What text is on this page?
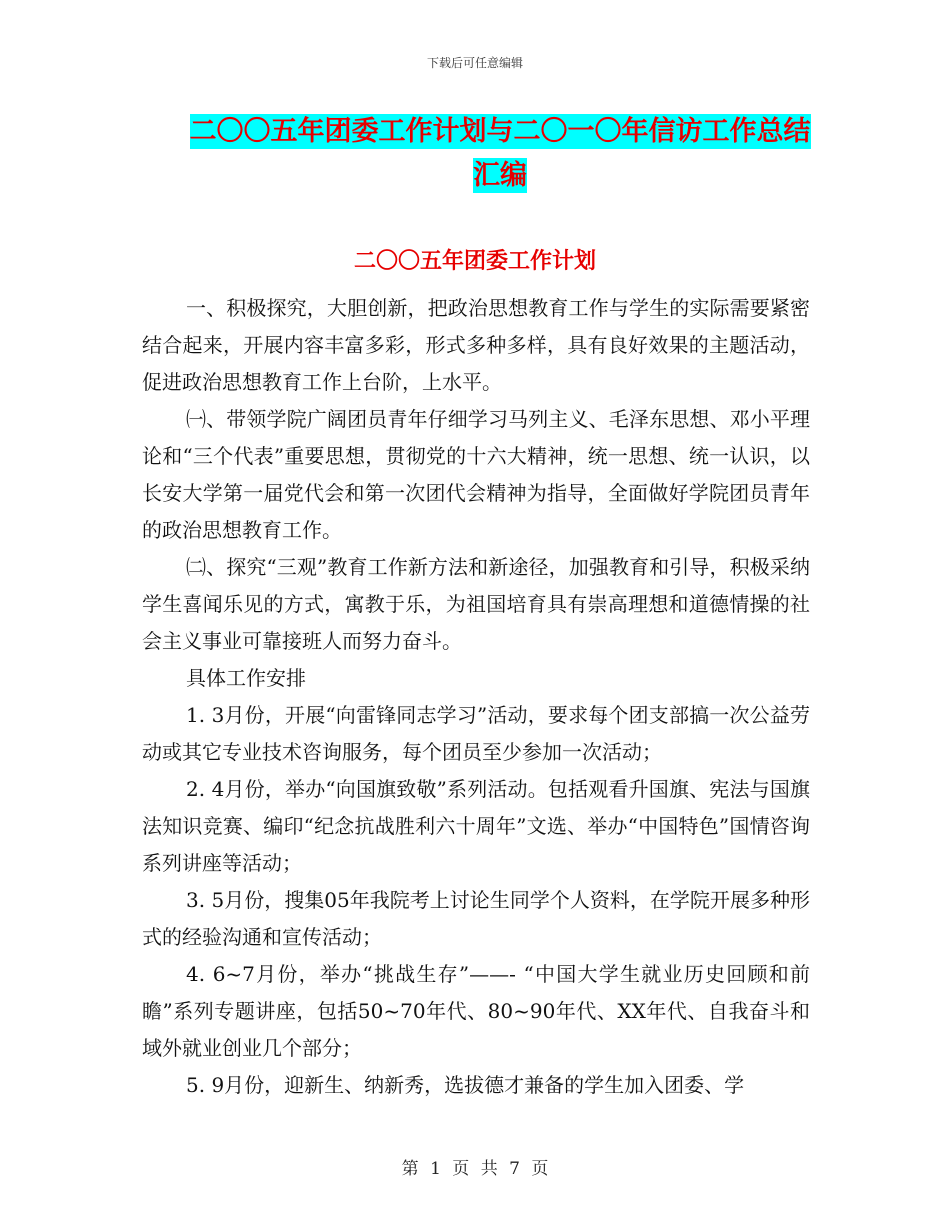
下载后可任意编辑
二〇〇五年团委工作计划与二〇一〇年信访工作总结
汇编
二〇〇五年团委工作计划

一、积极探究，大胆创新，把政治思想教育工作与学生的实际需要紧密结合起来，开展内容丰富多彩，形式多种多样，具有良好效果的主题活动，促进政治思想教育工作上台阶，上水平。

㈠、带领学院广阔团员青年仔细学习马列主义、毛泽东思想、邓小平理论和“三个代表”重要思想，贯彻党的十六大精神，统一思想、统一认识，以长安大学第一届党代会和第一次团代会精神为指导，全面做好学院团员青年的政治思想教育工作。

㈡、探究“三观”教育工作新方法和新途径，加强教育和引导，积极采纳学生喜闻乐见的方式，寓教于乐，为祖国培育具有崇高理想和道德情操的社会主义事业可靠接班人而努力奋斗。

具体工作安排

1. 3月份，开展“向雷锋同志学习”活动，要求每个团支部搞一次公益劳动或其它专业技术咨询服务，每个团员至少参加一次活动；

2. 4月份，举办“向国旗致敬”系列活动。包括观看升国旗、宪法与国旗法知识竞赛、编印“纪念抗战胜利六十周年”文选、举办“中国特色”国情咨询系列讲座等活动；

3. 5月份，搜集05年我院考上讨论生同学个人资料，在学院开展多种形式的经验沟通和宣传活动；

4. 6~7月份，举办“挑战生存”——- “中国大学生就业历史回顾和前瞻”系列专题讲座，包括50~70年代、80~90年代、XX年代、自我奋斗和域外就业创业几个部分；

5. 9月份，迎新生、纳新秀，选拔德才兼备的学生加入团委、学

第 1 页 共 7 页
